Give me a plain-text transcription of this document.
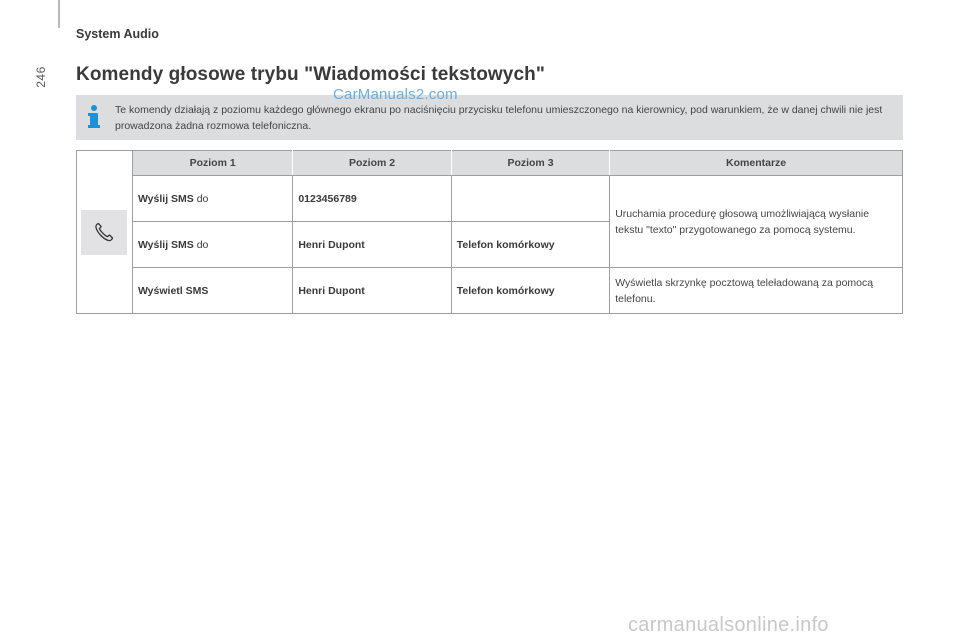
246
System Audio
Komendy głosowe trybu "Wiadomości tekstowych"
Te komendy działają z poziomu każdego głównego ekranu po naciśnięciu przycisku telefonu umieszczonego na kierownicy, pod warunkiem, że w danej chwili nie jest prowadzona żadna rozmowa telefoniczna.
CarManuals2.com
	Poziom 1	Poziom 2	Poziom 3	Komentarze
	Wyślij SMS do	0123456789		Uruchamia procedurę głosową umożliwiającą wysłanie tekstu "texto" przygotowanego za pomocą systemu.
	Wyślij SMS do	Henri Dupont	Telefon komórkowy	
	Wyświetl SMS	Henri Dupont	Telefon komórkowy	Wyświetla skrzynkę pocztową teleładowaną za pomocą telefonu.
carmanualsonline.info
